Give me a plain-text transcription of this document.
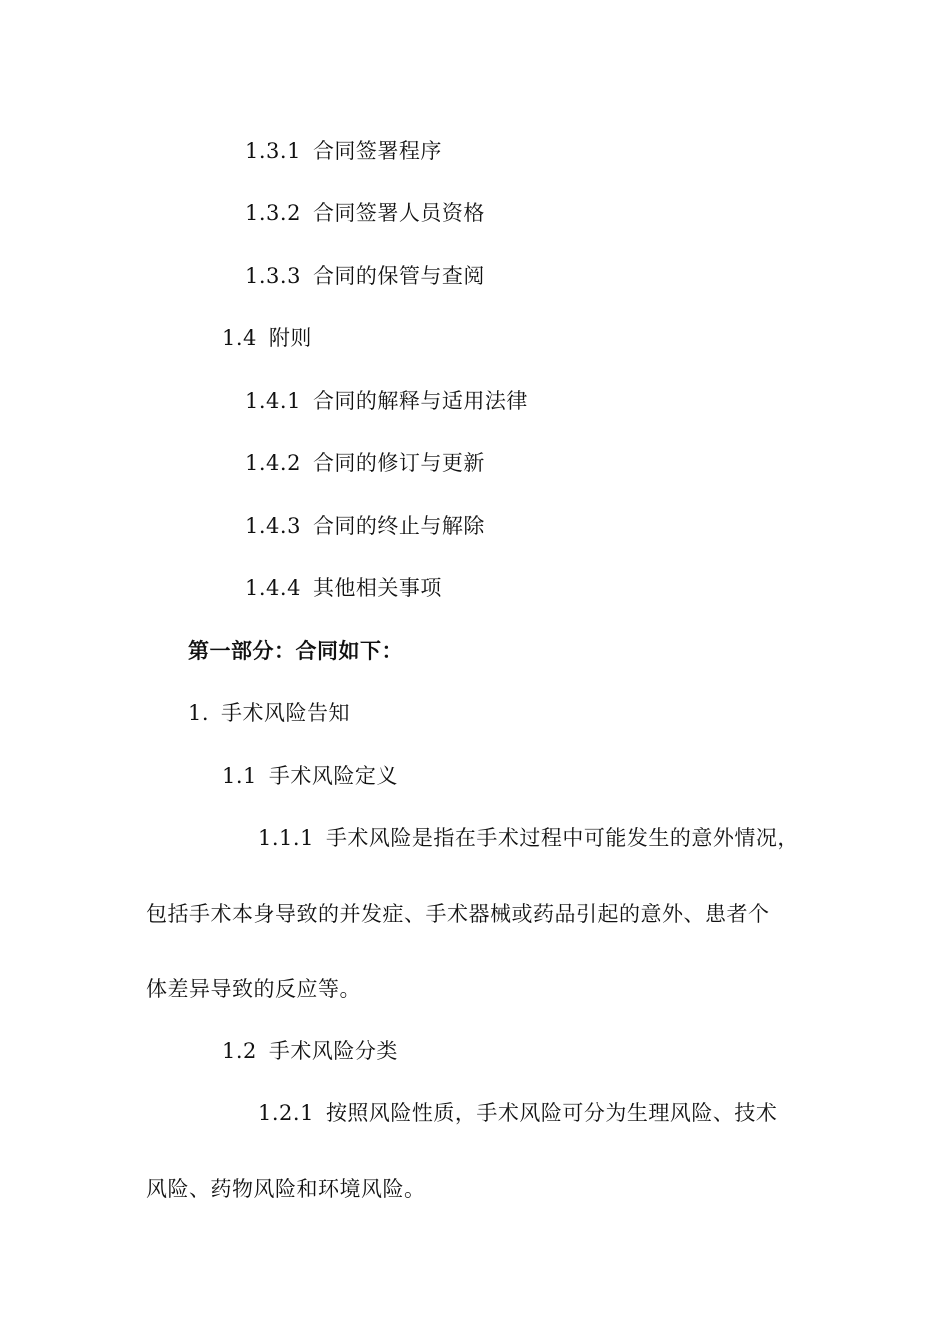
1.3.1 合同签署程序
1.3.2 合同签署人员资格
1.3.3 合同的保管与查阅
1.4 附则
1.4.1 合同的解释与适用法律
1.4.2 合同的修订与更新
1.4.3 合同的终止与解除
1.4.4 其他相关事项
第一部分：合同如下：
1. 手术风险告知
1.1 手术风险定义
1.1.1 手术风险是指在手术过程中可能发生的意外情况，
包括手术本身导致的并发症、手术器械或药品引起的意外、患者个
体差异导致的反应等。
1.2 手术风险分类
1.2.1 按照风险性质，手术风险可分为生理风险、技术
风险、药物风险和环境风险。
